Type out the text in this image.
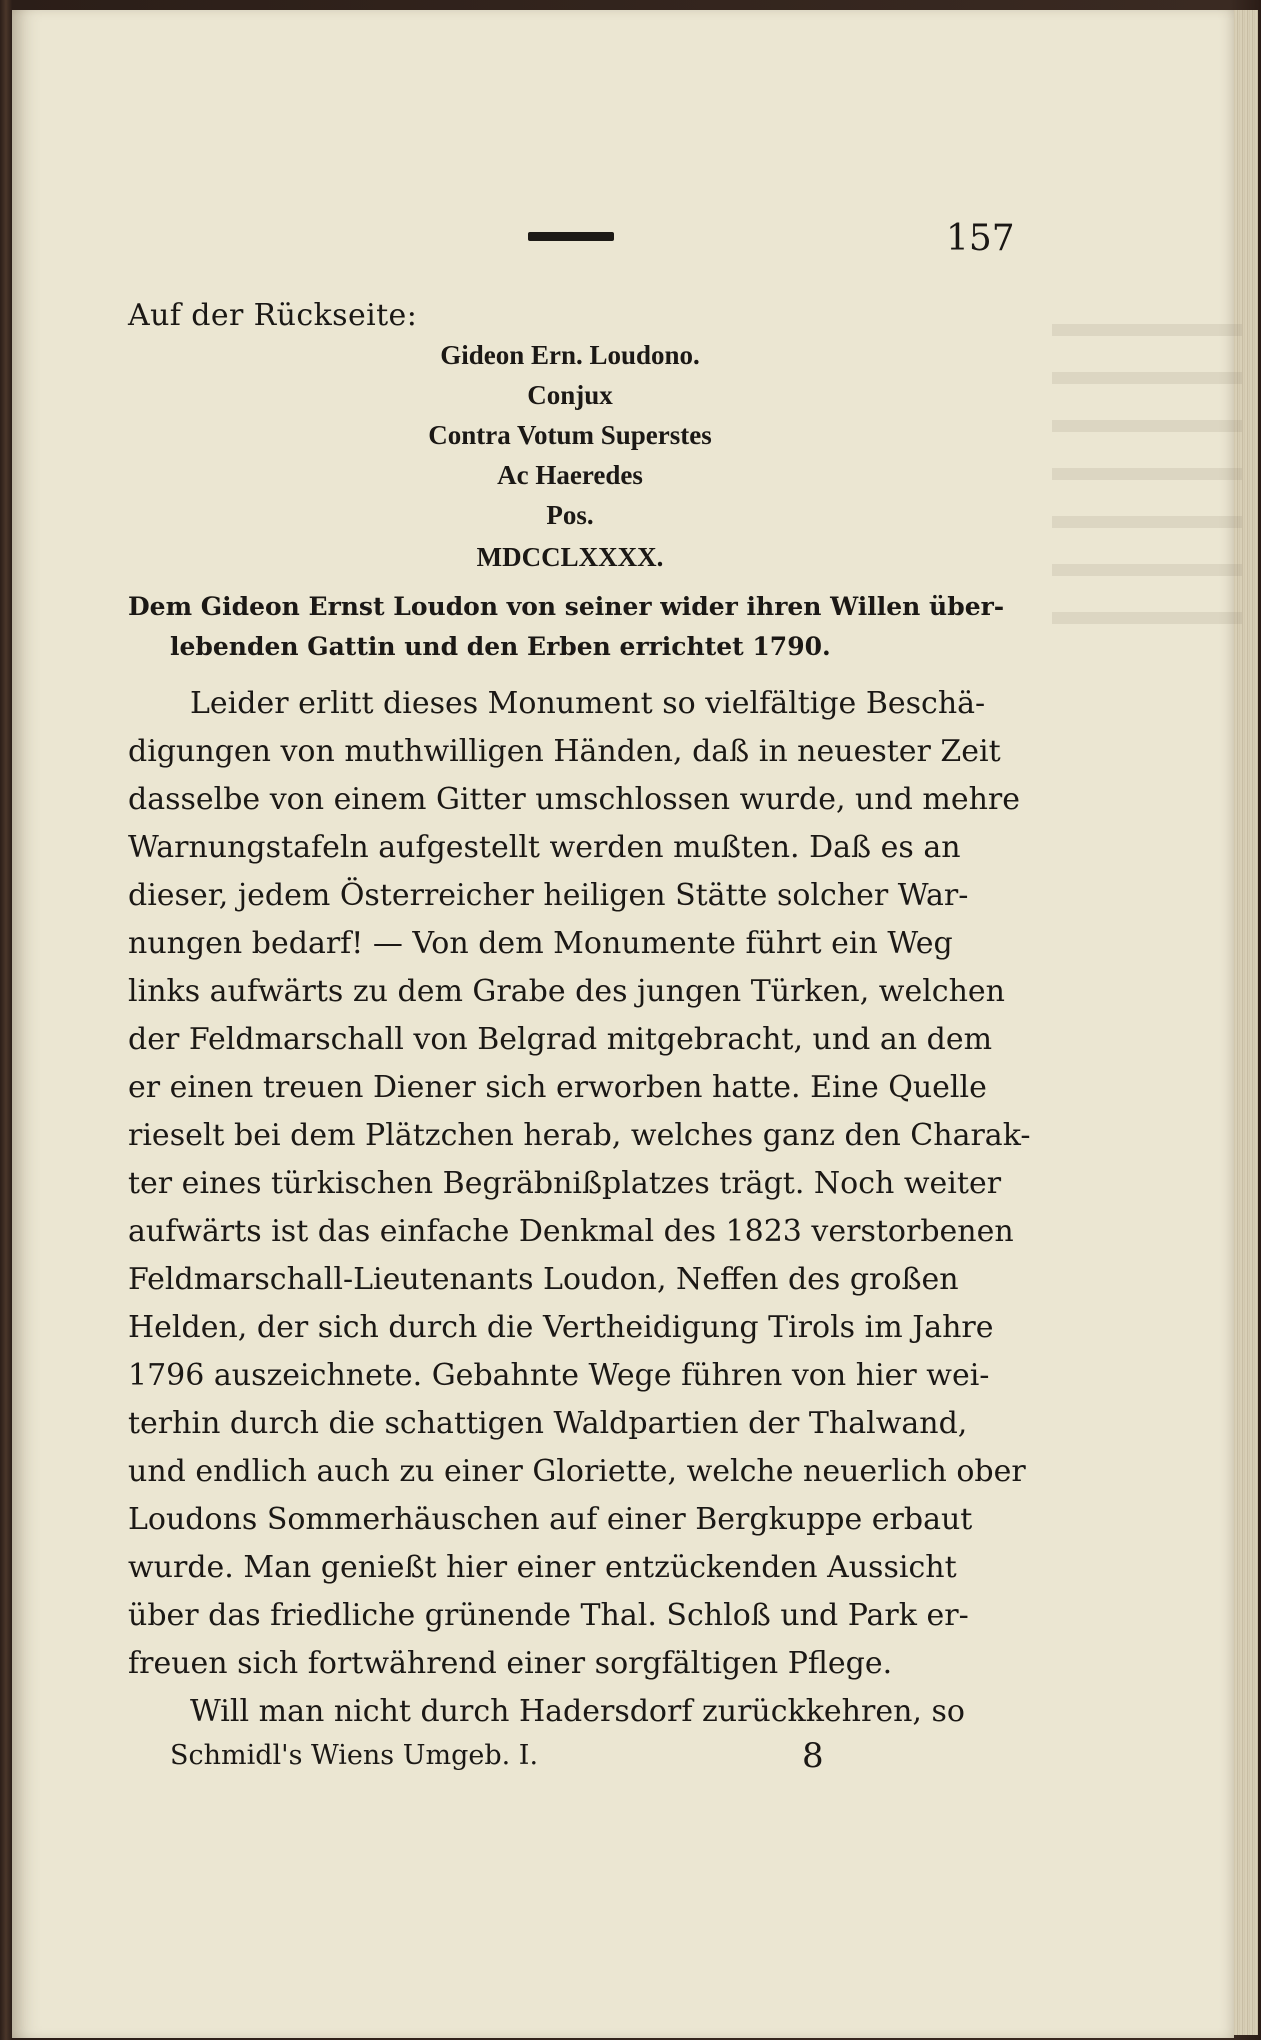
157
Auf der Rückseite:
Gideon Ern. Loudono.
Conjux
Contra Votum Superstes
Ac Haeredes
Pos.
MDCCLXXXX.
Dem Gideon Ernst Loudon von seiner wider ihren Willen über-
lebenden Gattin und den Erben errichtet 1790.
Leider erlitt dieses Monument so vielfältige Beschä-
digungen von muthwilligen Händen, daß in neuester Zeit
dasselbe von einem Gitter umschlossen wurde, und mehre
Warnungstafeln aufgestellt werden mußten. Daß es an
dieser, jedem Österreicher heiligen Stätte solcher War-
nungen bedarf! — Von dem Monumente führt ein Weg
links aufwärts zu dem Grabe des jungen Türken, welchen
der Feldmarschall von Belgrad mitgebracht, und an dem
er einen treuen Diener sich erworben hatte. Eine Quelle
rieselt bei dem Plätzchen herab, welches ganz den Charak-
ter eines türkischen Begräbnißplatzes trägt. Noch weiter
aufwärts ist das einfache Denkmal des 1823 verstorbenen
Feldmarschall-Lieutenants Loudon, Neffen des großen
Helden, der sich durch die Vertheidigung Tirols im Jahre
1796 auszeichnete. Gebahnte Wege führen von hier wei-
terhin durch die schattigen Waldpartien der Thalwand,
und endlich auch zu einer Gloriette, welche neuerlich ober
Loudons Sommerhäuschen auf einer Bergkuppe erbaut
wurde. Man genießt hier einer entzückenden Aussicht
über das friedliche grünende Thal. Schloß und Park er-
freuen sich fortwährend einer sorgfältigen Pflege.
Will man nicht durch Hadersdorf zurückkehren, so
Schmidl's Wiens Umgeb. I.	8
